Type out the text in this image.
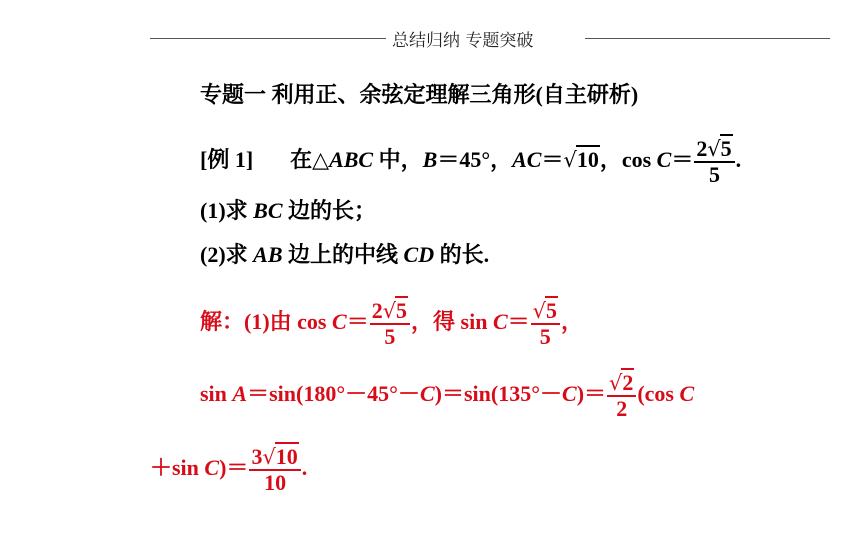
总结归纳 专题突破
专题一 利用正、余弦定理解三角形(自主研析)
[例 1] 在△ABC 中，B＝45°，AC＝√10，$\cos C= \frac{2√5}{5}$ .
(1)求 BC 边的长；
(2)求 AB 边上的中线 CD 的长.
解：(1)由 $\cos C= \frac{2√5}{5}$ ，得 $\sin C= \frac{√5}{5}$ ，
$\sin A=\sin(180^\circ-45^\circ-C)=\sin(135^\circ-C)= \frac{√2}{2} (\cos$ C
＋sin $C)= \frac{3√10}{10}$ .
